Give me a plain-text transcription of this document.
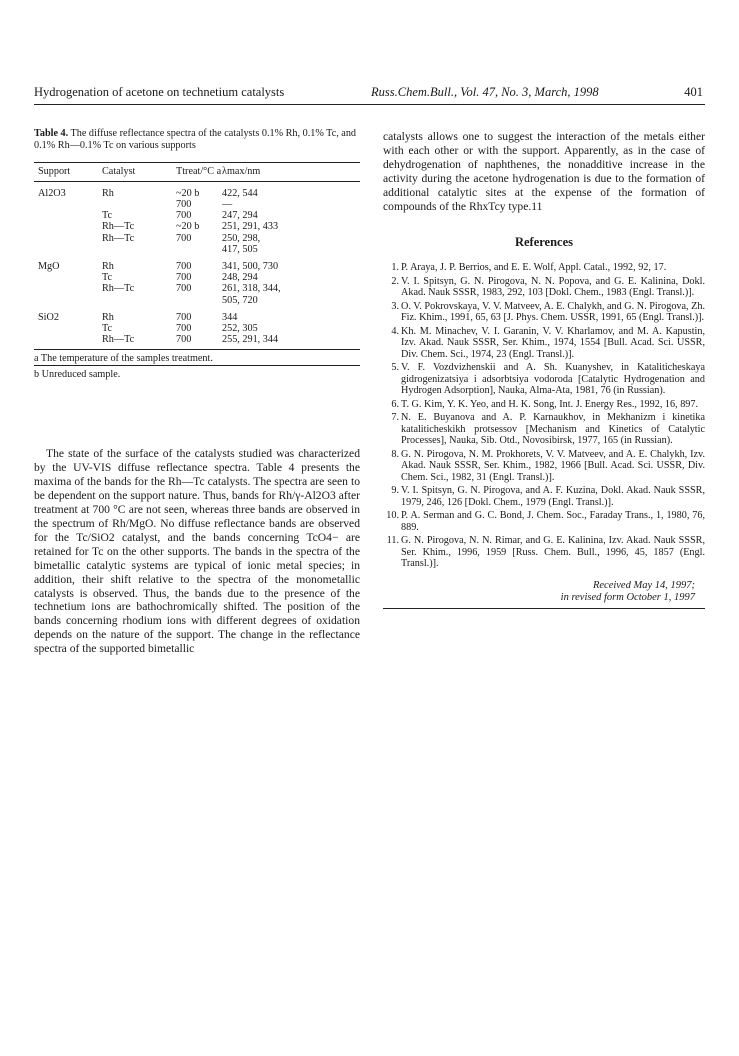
Hydrogenation of acetone on technetium catalysts	Russ.Chem.Bull., Vol. 47, No. 3, March, 1998	401

Table 4. The diffuse reflectance spectra of the catalysts 0.1% Rh, 0.1% Tc, and 0.1% Rh—0.1% Tc on various supports

Support	Catalyst	Ttreat/°C a	λmax/nm
Al2O3	Rh	~20 b	422, 544
		700	—
	Tc	700	247, 294
	Rh—Tc	~20 b	251, 291, 433
	Rh—Tc	700	250, 298,
			417, 505
MgO	Rh	700	341, 500, 730
	Tc	700	248, 294
	Rh—Tc	700	261, 318, 344,
			505, 720
SiO2	Rh	700	344
	Tc	700	252, 305
	Rh—Tc	700	255, 291, 344
a The temperature of the samples treatment.			
b Unreduced sample.			

The state of the surface of the catalysts studied was characterized by the UV-VIS diffuse reflectance spectra. Table 4 presents the maxima of the bands for the Rh—Tc catalysts. The spectra are seen to be dependent on the support nature. Thus, bands for Rh/γ-Al2O3 after treatment at 700 °C are not seen, whereas three bands are observed in the spectrum of Rh/MgO. No diffuse reflectance bands are observed for the Tc/SiO2 catalyst, and the bands concerning TcO4− are retained for Tc on the other supports. The bands in the spectra of the bimetallic catalytic systems are typical of ionic metal species; in addition, their shift relative to the spectra of the monometallic catalysts is observed. Thus, the bands due to the presence of the technetium ions are bathochromically shifted. The position of the bands concerning rhodium ions with different degrees of oxidation depends on the nature of the support. The change in the reflectance spectra of the supported bimetallic

catalysts allows one to suggest the interaction of the metals either with each other or with the support. Apparently, as in the case of dehydrogenation of naphthenes, the nonadditive increase in the activity during the acetone hydrogenation is due to the formation of additional catalytic sites at the expense of the formation of compounds of the RhxTcy type.11

References
1. P. Araya, J. P. Berrios, and E. E. Wolf, Appl. Catal., 1992, 92, 17.
2. V. I. Spitsyn, G. N. Pirogova, N. N. Popova, and G. E. Kalinina, Dokl. Akad. Nauk SSSR, 1983, 292, 103 [Dokl. Chem., 1983 (Engl. Transl.)].
3. O. V. Pokrovskaya, V. V. Matveev, A. E. Chalykh, and G. N. Pirogova, Zh. Fiz. Khim., 1991, 65, 63 [J. Phys. Chem. USSR, 1991, 65 (Engl. Transl.)].
4. Kh. M. Minachev, V. I. Garanin, V. V. Kharlamov, and M. A. Kapustin, Izv. Akad. Nauk SSSR, Ser. Khim., 1974, 1554 [Bull. Acad. Sci. USSR, Div. Chem. Sci., 1974, 23 (Engl. Transl.)].
5. V. F. Vozdvizhenskii and A. Sh. Kuanyshev, in Kataliticheskaya gidrogenizatsiya i adsorbtsiya vodoroda [Catalytic Hydrogenation and Hydrogen Adsorption], Nauka, Alma-Ata, 1981, 76 (in Russian).
6. T. G. Kim, Y. K. Yeo, and H. K. Song, Int. J. Energy Res., 1992, 16, 897.
7. N. E. Buyanova and A. P. Karnaukhov, in Mekhanizm i kinetika kataliticheskikh protsessov [Mechanism and Kinetics of Catalytic Processes], Nauka, Sib. Otd., Novosibirsk, 1977, 165 (in Russian).
8. G. N. Pirogova, N. M. Prokhorets, V. V. Matveev, and A. E. Chalykh, Izv. Akad. Nauk SSSR, Ser. Khim., 1982, 1966 [Bull. Acad. Sci. USSR, Div. Chem. Sci., 1982, 31 (Engl. Transl.)].
9. V. I. Spitsyn, G. N. Pirogova, and A. F. Kuzina, Dokl. Akad. Nauk SSSR, 1979, 246, 126 [Dokl. Chem., 1979 (Engl. Transl.)].
10. P. A. Serman and G. C. Bond, J. Chem. Soc., Faraday Trans., 1, 1980, 76, 889.
11. G. N. Pirogova, N. N. Rimar, and G. E. Kalinina, Izv. Akad. Nauk SSSR, Ser. Khim., 1996, 1959 [Russ. Chem. Bull., 1996, 45, 1857 (Engl. Transl.)].
Received May 14, 1997;
in revised form October 1, 1997
